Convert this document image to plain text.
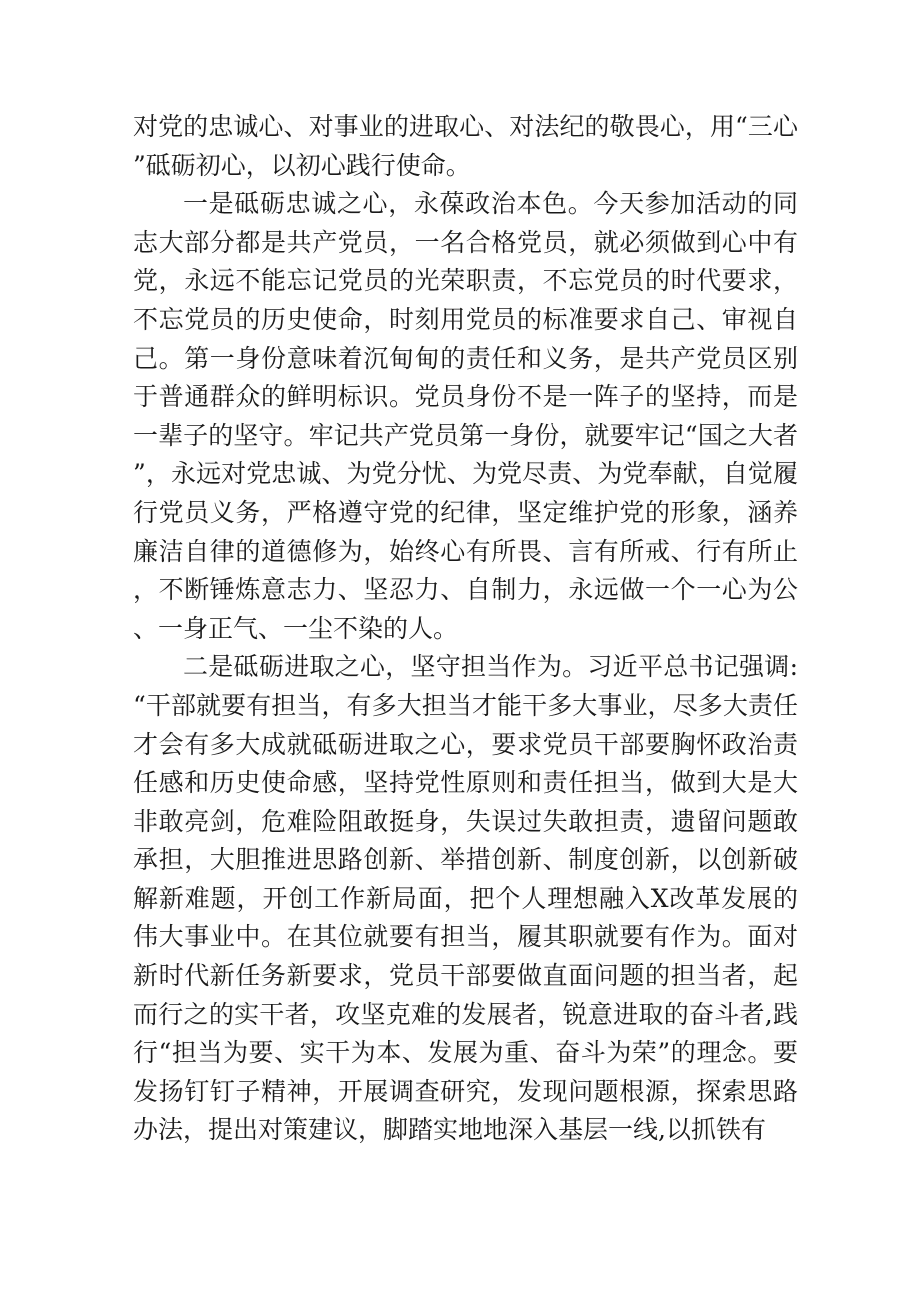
对党的忠诚心、对事业的进取心、对法纪的敬畏心，用“三心”砥砺初心，以初心践行使命。

一是砥砺忠诚之心，永葆政治本色。今天参加活动的同志大部分都是共产党员，一名合格党员，就必须做到心中有党，永远不能忘记党员的光荣职责，不忘党员的时代要求，不忘党员的历史使命，时刻用党员的标准要求自己、审视自己。第一身份意味着沉甸甸的责任和义务，是共产党员区别于普通群众的鲜明标识。党员身份不是一阵子的坚持，而是一辈子的坚守。牢记共产党员第一身份，就要牢记“国之大者”，永远对党忠诚、为党分忧、为党尽责、为党奉献，自觉履行党员义务，严格遵守党的纪律，坚定维护党的形象，涵养廉洁自律的道德修为，始终心有所畏、言有所戒、行有所止，不断锤炼意志力、坚忍力、自制力，永远做一个一心为公、一身正气、一尘不染的人。

二是砥砺进取之心，坚守担当作为。习近平总书记强调:“干部就要有担当，有多大担当才能干多大事业，尽多大责任才会有多大成就砥砺进取之心，要求党员干部要胸怀政治责任感和历史使命感，坚持党性原则和责任担当，做到大是大非敢亮剑，危难险阻敢挺身，失误过失敢担责，遗留问题敢承担，大胆推进思路创新、举措创新、制度创新，以创新破解新难题，开创工作新局面，把个人理想融入X改革发展的伟大事业中。在其位就要有担当，履其职就要有作为。面对新时代新任务新要求，党员干部要做直面问题的担当者，起而行之的实干者，攻坚克难的发展者，锐意进取的奋斗者,践行“担当为要、实干为本、发展为重、奋斗为荣”的理念。要发扬钉钉子精神，开展调查研究，发现问题根源，探索思路办法，提出对策建议，脚踏实地地深入基层一线,以抓铁有
